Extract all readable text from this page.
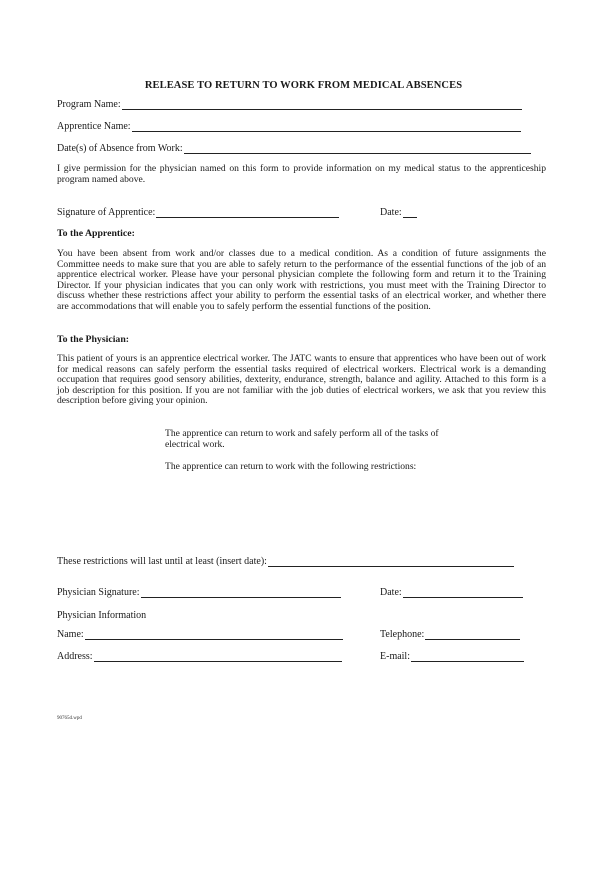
RELEASE TO RETURN TO WORK FROM MEDICAL ABSENCES
Program Name:
Apprentice Name:
Date(s) of Absence from Work:
I give permission for the physician named on this form to provide information on my medical status to the apprenticeship program named above.
Signature of Apprentice:	Date:
To the Apprentice:
You have been absent from work and/or classes due to a medical condition. As a condition of future assignments the Committee needs to make sure that you are able to safely return to the performance of the essential functions of the job of an apprentice electrical worker. Please have your personal physician complete the following form and return it to the Training Director. If your physician indicates that you can only work with restrictions, you must meet with the Training Director to discuss whether these restrictions affect your ability to perform the essential tasks of an electrical worker, and whether there are accommodations that will enable you to safely perform the essential functions of the position.
To the Physician:
This patient of yours is an apprentice electrical worker. The JATC wants to ensure that apprentices who have been out of work for medical reasons can safely perform the essential tasks required of electrical workers. Electrical work is a demanding occupation that requires good sensory abilities, dexterity, endurance, strength, balance and agility. Attached to this form is a job description for this position. If you are not familiar with the job duties of electrical workers, we ask that you review this description before giving your opinion.
The apprentice can return to work and safely perform all of the tasks of electrical work.
The apprentice can return to work with the following restrictions:
These restrictions will last until at least (insert date):
Physician Signature:	Date:
Physician Information
Name:	Telephone:
Address:	E-mail:
90765d.wpd
